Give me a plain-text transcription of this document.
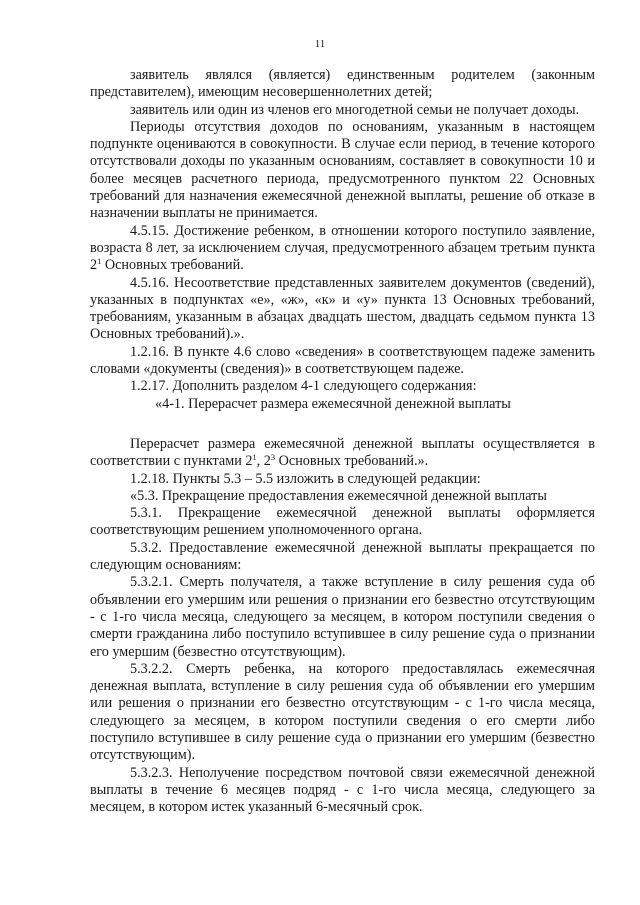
11

заявитель являлся (является) единственным родителем (законным представителем), имеющим несовершеннолетних детей;

заявитель или один из членов его многодетной семьи не получает доходы.

Периоды отсутствия доходов по основаниям, указанным в настоящем подпункте оцениваются в совокупности. В случае если период, в течение которого отсутствовали доходы по указанным основаниям, составляет в совокупности 10 и более месяцев расчетного периода, предусмотренного пунктом 22 Основных требований для назначения ежемесячной денежной выплаты, решение об отказе в назначении выплаты не принимается.

4.5.15. Достижение ребенком, в отношении которого поступило заявление, возраста 8 лет, за исключением случая, предусмотренного абзацем третьим пункта $2^1$ Основных требований.

4.5.16. Несоответствие представленных заявителем документов (сведений), указанных в подпунктах «е», «ж», «к» и «у» пункта 13 Основных требований, требованиям, указанным в абзацах двадцать шестом, двадцать седьмом пункта 13 Основных требований).».

1.2.16. В пункте 4.6 слово «сведения» в соответствующем падеже заменить словами «документы (сведения)» в соответствующем падеже.

1.2.17. Дополнить разделом 4-1 следующего содержания:

«4-1. Перерасчет размера ежемесячной денежной выплаты

Перерасчет размера ежемесячной денежной выплаты осуществляется в соответствии с пунктами $2^1$, $2^3$ Основных требований.».

1.2.18. Пункты 5.3 – 5.5 изложить в следующей редакции:

«5.3. Прекращение предоставления ежемесячной денежной выплаты

5.3.1. Прекращение ежемесячной денежной выплаты оформляется соответствующим решением уполномоченного органа.

5.3.2. Предоставление ежемесячной денежной выплаты прекращается по следующим основаниям:

5.3.2.1. Смерть получателя, а также вступление в силу решения суда об объявлении его умершим или решения о признании его безвестно отсутствующим - с 1-го числа месяца, следующего за месяцем, в котором поступили сведения о смерти гражданина либо поступило вступившее в силу решение суда о признании его умершим (безвестно отсутствующим).

5.3.2.2. Смерть ребенка, на которого предоставлялась ежемесячная денежная выплата, вступление в силу решения суда об объявлении его умершим или решения о признании его безвестно отсутствующим - с 1-го числа месяца, следующего за месяцем, в котором поступили сведения о его смерти либо поступило вступившее в силу решение суда о признании его умершим (безвестно отсутствующим).

5.3.2.3. Неполучение посредством почтовой связи ежемесячной денежной выплаты в течение 6 месяцев подряд - с 1-го числа месяца, следующего за месяцем, в котором истек указанный 6-месячный срок.
